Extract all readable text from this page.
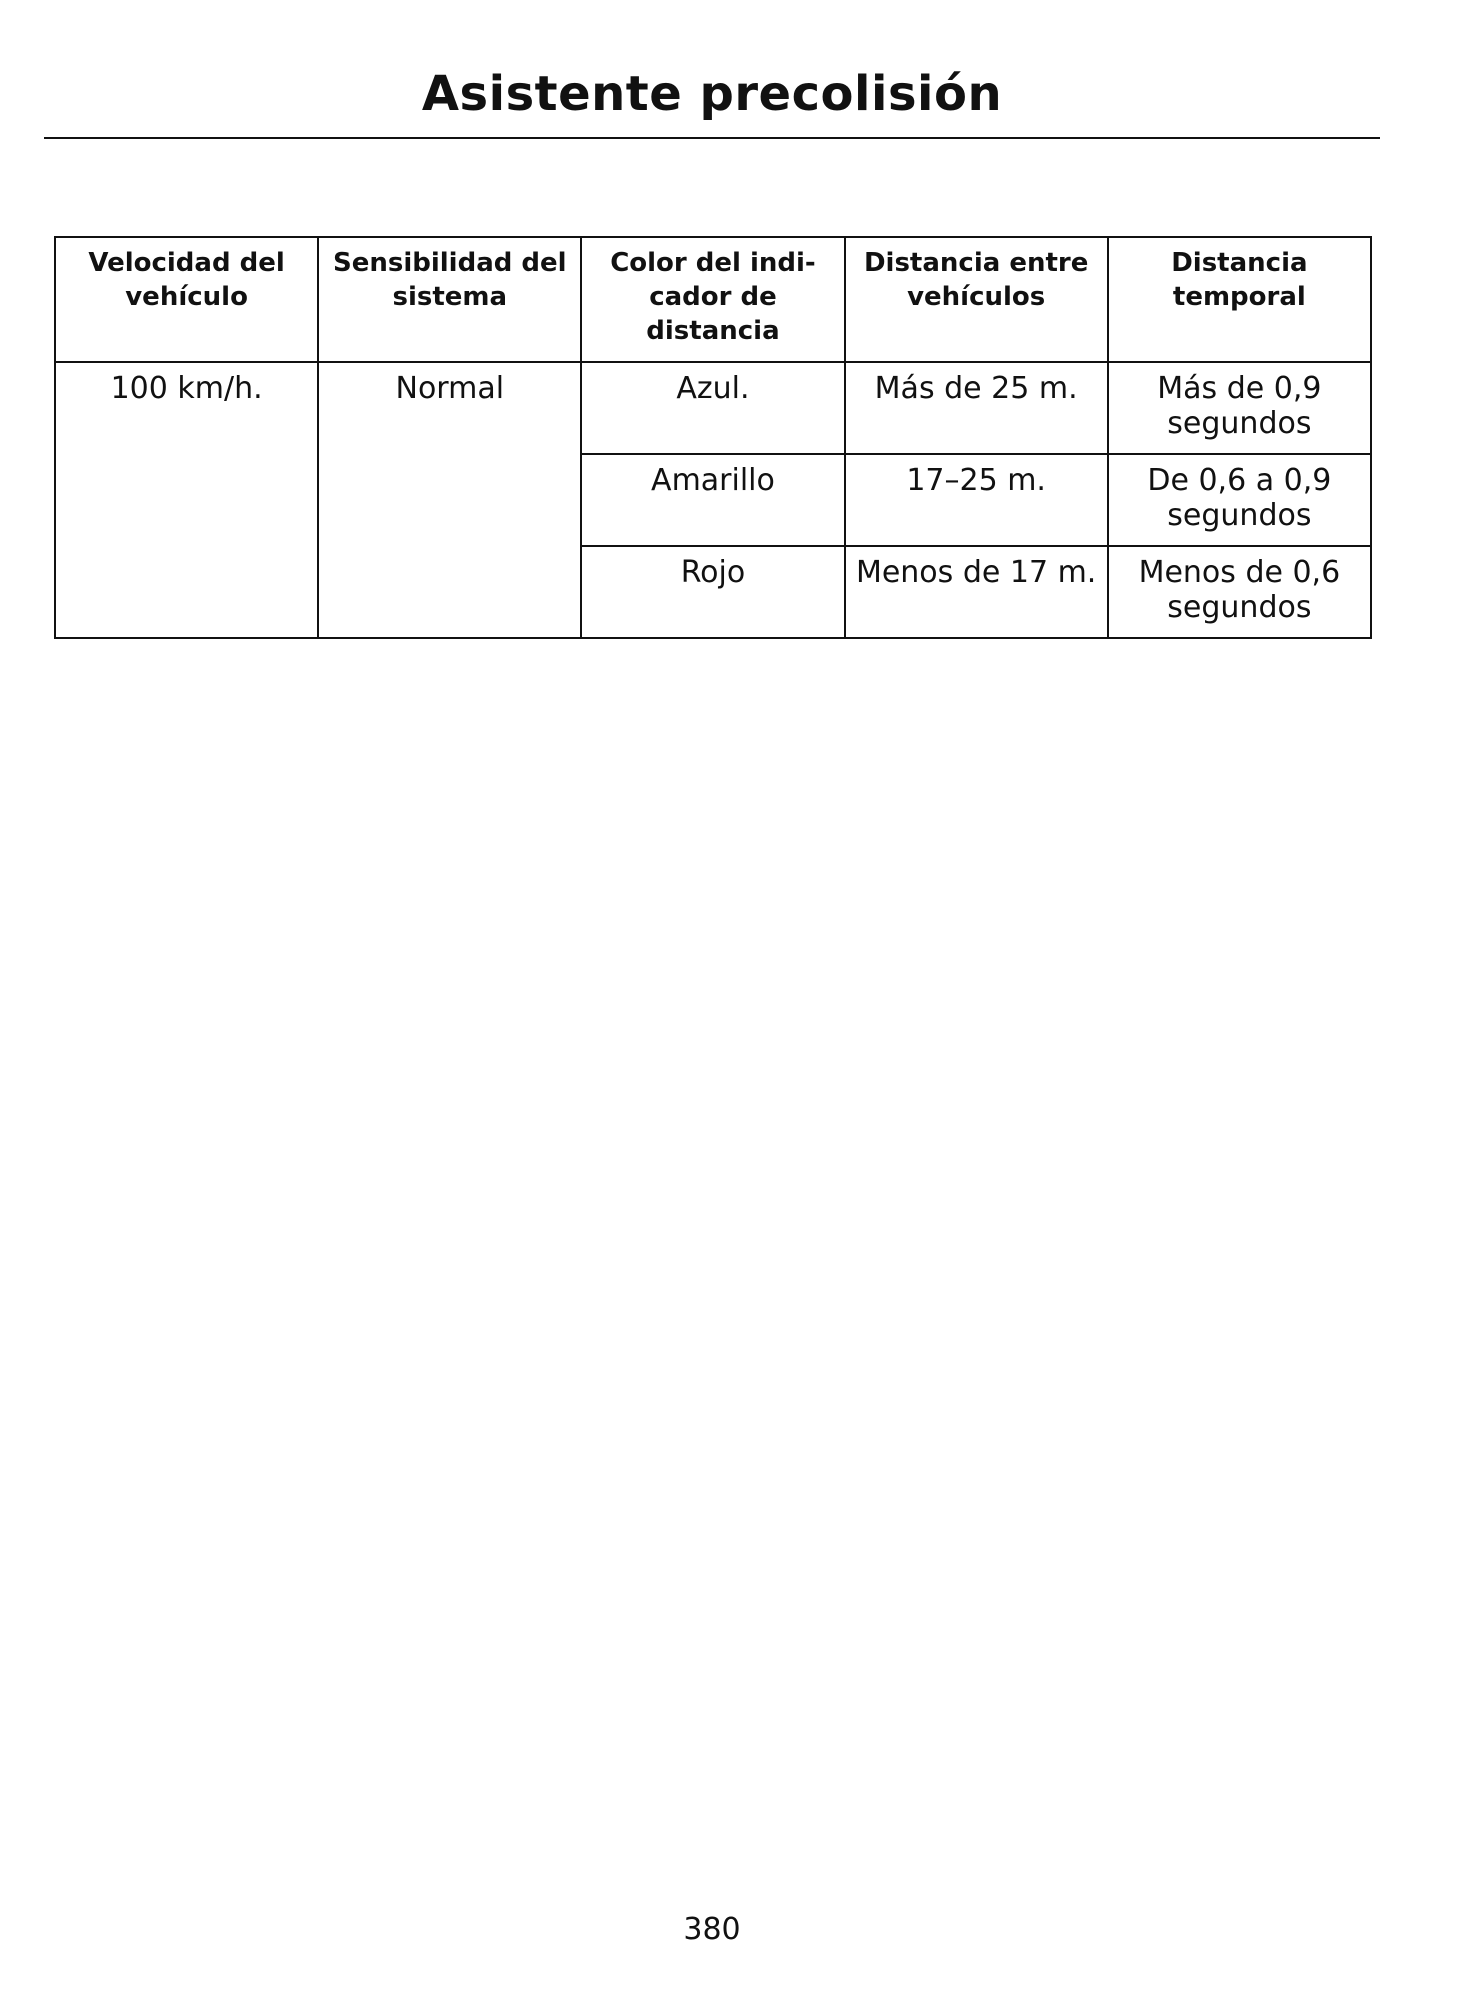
Asistente precolisión
Velocidad del vehículo	Sensibilidad del sistema	Color del indi-cador de distancia	Distancia entre vehículos	Distancia temporal
100 km/h.	Normal	Azul.	Más de 25 m.	Más de 0,9 segundos
		Amarillo	17–25 m.	De 0,6 a 0,9 segundos
		Rojo	Menos de 17 m.	Menos de 0,6 segundos
380
